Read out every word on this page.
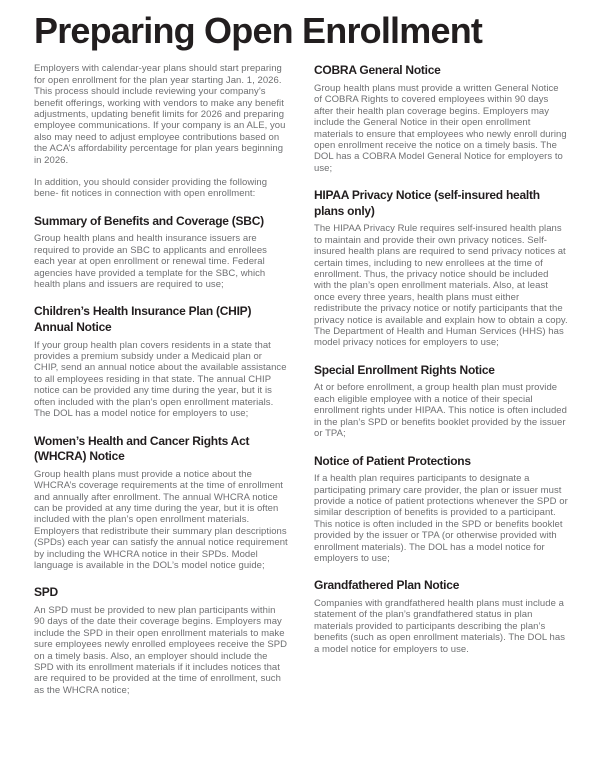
Preparing Open Enrollment

Employers with calendar-year plans should start preparing for open enrollment for the plan year starting Jan. 1, 2026. This process should include reviewing your company’s benefit offerings, working with vendors to make any benefit adjustments, updating benefit limits for 2026 and preparing employee communications. If your company is an ALE, you also may need to adjust employee contributions based on the ACA’s affordability percentage for plan years beginning in 2026.

In addition, you should consider providing the following bene- fit notices in connection with open enrollment:

Summary of Benefits and Coverage (SBC)

Group health plans and health insurance issuers are required to provide an SBC to applicants and enrollees each year at open enrollment or renewal time. Federal agencies have provided a template for the SBC, which health plans and issuers are required to use;

Children’s Health Insurance Plan (CHIP) Annual Notice

If your group health plan covers residents in a state that provides a premium subsidy under a Medicaid plan or CHIP, send an annual notice about the available assistance to all employees residing in that state. The annual CHIP notice can be provided any time during the year, but it is often included with the plan’s open enrollment materials. The DOL has a model notice for employers to use;

Women’s Health and Cancer Rights Act (WHCRA) Notice

Group health plans must provide a notice about the WHCRA’s coverage requirements at the time of enrollment and annually after enrollment. The annual WHCRA notice can be provided at any time during the year, but it is often included with the plan’s open enrollment materials. Employers that redistribute their summary plan descriptions (SPDs) each year can satisfy the annual notice requirement by including the WHCRA notice in their SPDs. Model language is available in the DOL’s model notice guide;

SPD

An SPD must be provided to new plan participants within 90 days of the date their coverage begins. Employers may include the SPD in their open enrollment materials to make sure employees newly enrolled employees receive the SPD on a timely basis. Also, an employer should include the SPD with its enrollment materials if it includes notices that are required to be provided at the time of enrollment, such as the WHCRA notice;

COBRA General Notice

Group health plans must provide a written General Notice of COBRA Rights to covered employees within 90 days after their health plan coverage begins. Employers may include the General Notice in their open enrollment materials to ensure that employees who newly enroll during open enrollment receive the notice on a timely basis. The DOL has a COBRA Model General Notice for employers to use;

HIPAA Privacy Notice (self-insured health plans only)

The HIPAA Privacy Rule requires self-insured health plans to maintain and provide their own privacy notices. Self-insured health plans are required to send privacy notices at certain times, including to new enrollees at the time of enrollment. Thus, the privacy notice should be included with the plan’s open enrollment materials. Also, at least once every three years, health plans must either redistribute the privacy notice or notify participants that the privacy notice is available and explain how to obtain a copy. The Department of Health and Human Services (HHS) has model privacy notices for employers to use;

Special Enrollment Rights Notice

At or before enrollment, a group health plan must provide each eligible employee with a notice of their special enrollment rights under HIPAA. This notice is often included in the plan’s SPD or benefits booklet provided by the issuer or TPA;

Notice of Patient Protections

If a health plan requires participants to designate a participating primary care provider, the plan or issuer must provide a notice of patient protections whenever the SPD or similar description of benefits is provided to a participant. This notice is often included in the SPD or benefits booklet provided by the issuer or TPA (or otherwise provided with enrollment materials). The DOL has a model notice for employers to use;

Grandfathered Plan Notice

Companies with grandfathered health plans must include a statement of the plan’s grandfathered status in plan materials provided to participants describing the plan’s benefits (such as open enrollment materials). The DOL has a model notice for employers to use.
